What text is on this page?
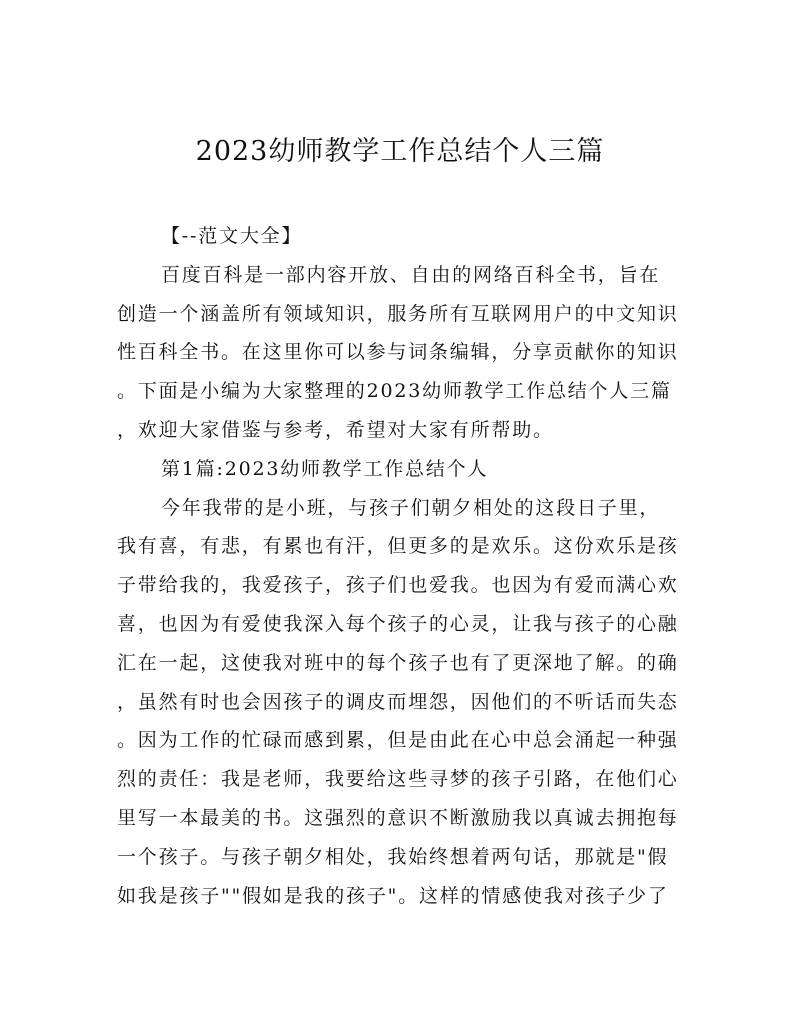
2023幼师教学工作总结个人三篇
【--范文大全】
百度百科是一部内容开放、自由的网络百科全书，旨在
创造一个涵盖所有领域知识，服务所有互联网用户的中文知识
性百科全书。在这里你可以参与词条编辑，分享贡献你的知识
。下面是小编为大家整理的2023幼师教学工作总结个人三篇
，欢迎大家借鉴与参考，希望对大家有所帮助。
第1篇:2023幼师教学工作总结个人
今年我带的是小班，与孩子们朝夕相处的这段日子里，
我有喜，有悲，有累也有汗，但更多的是欢乐。这份欢乐是孩
子带给我的，我爱孩子，孩子们也爱我。也因为有爱而满心欢
喜，也因为有爱使我深入每个孩子的心灵，让我与孩子的心融
汇在一起，这使我对班中的每个孩子也有了更深地了解。的确
，虽然有时也会因孩子的调皮而埋怨，因他们的不听话而失态
。因为工作的忙碌而感到累，但是由此在心中总会涌起一种强
烈的责任：我是老师，我要给这些寻梦的孩子引路，在他们心
里写一本最美的书。这强烈的意识不断激励我以真诚去拥抱每
一个孩子。与孩子朝夕相处，我始终想着两句话，那就是"假
如我是孩子""假如是我的孩子"。这样的情感使我对孩子少了
